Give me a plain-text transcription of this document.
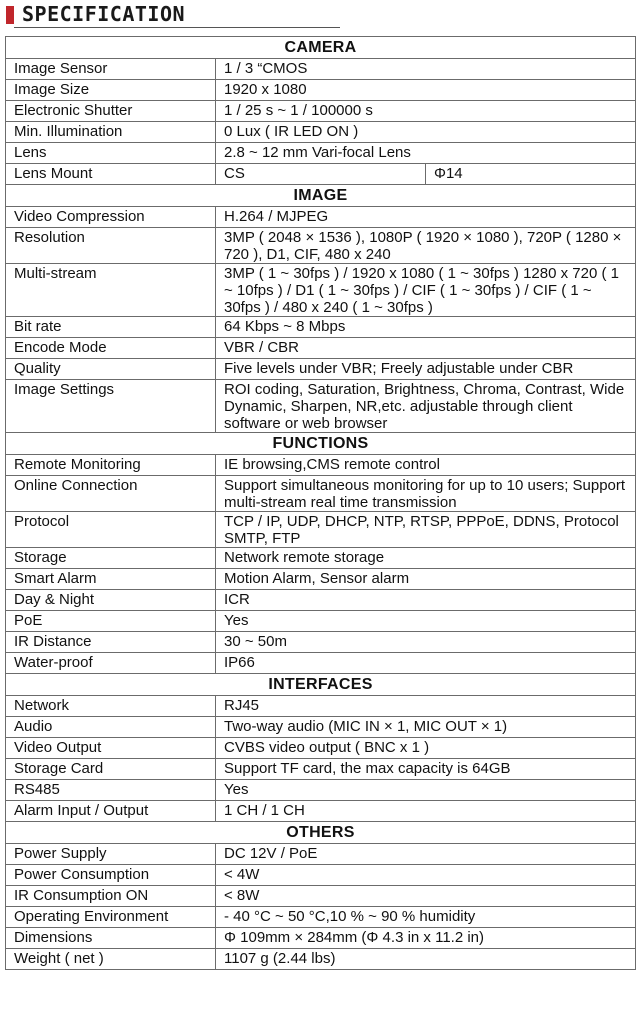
SPECIFICATION
CAMERA		
Image Sensor	1 / 3 “CMOS	
Image Size	1920 x 1080	
Electronic Shutter	1 / 25 s ~ 1 / 100000 s	
Min. Illumination	0 Lux ( IR LED ON )	
Lens	2.8 ~ 12 mm Vari-focal Lens	
Lens Mount	CS	Φ14
IMAGE		
Video Compression	H.264 / MJPEG	
Resolution	3MP ( 2048 × 1536 ), 1080P ( 1920 × 1080 ), 720P ( 1280 × 720 ), D1, CIF, 480 x 240	
Multi-stream	3MP ( 1 ~ 30fps ) / 1920 x 1080 ( 1 ~ 30fps ) 1280 x 720 ( 1 ~ 10fps ) / D1 ( 1 ~ 30fps ) / CIF ( 1 ~ 30fps ) / CIF ( 1 ~ 30fps ) / 480 x 240 ( 1 ~ 30fps )	
Bit rate	64 Kbps ~ 8 Mbps	
Encode Mode	VBR / CBR	
Quality	Five levels under VBR; Freely adjustable under CBR	
Image Settings	ROI coding, Saturation, Brightness, Chroma, Contrast, Wide Dynamic, Sharpen, NR,etc. adjustable through client software or web browser	
FUNCTIONS		
Remote Monitoring	IE browsing,CMS remote control	
Online Connection	Support simultaneous monitoring for up to 10 users; Support multi-stream real time transmission	
Protocol	TCP / IP, UDP, DHCP, NTP, RTSP, PPPoE, DDNS, Protocol SMTP, FTP	
Storage	Network remote storage	
Smart Alarm	Motion Alarm, Sensor alarm	
Day & Night	ICR	
PoE	Yes	
IR Distance	30 ~ 50m	
Water-proof	IP66	
INTERFACES		
Network	RJ45	
Audio	Two-way audio (MIC IN × 1, MIC OUT × 1)	
Video Output	CVBS video output ( BNC x 1 )	
Storage Card	Support TF card, the max capacity is 64GB	
RS485	Yes	
Alarm Input / Output	1 CH / 1 CH	
OTHERS		
Power Supply	DC 12V / PoE	
Power Consumption	< 4W	
IR Consumption ON	< 8W	
Operating Environment	- 40 °C ~ 50 °C,10 % ~ 90 % humidity	
Dimensions	Φ 109mm × 284mm (Φ 4.3 in x 11.2 in)	
Weight ( net )	1107 g (2.44 lbs)	
